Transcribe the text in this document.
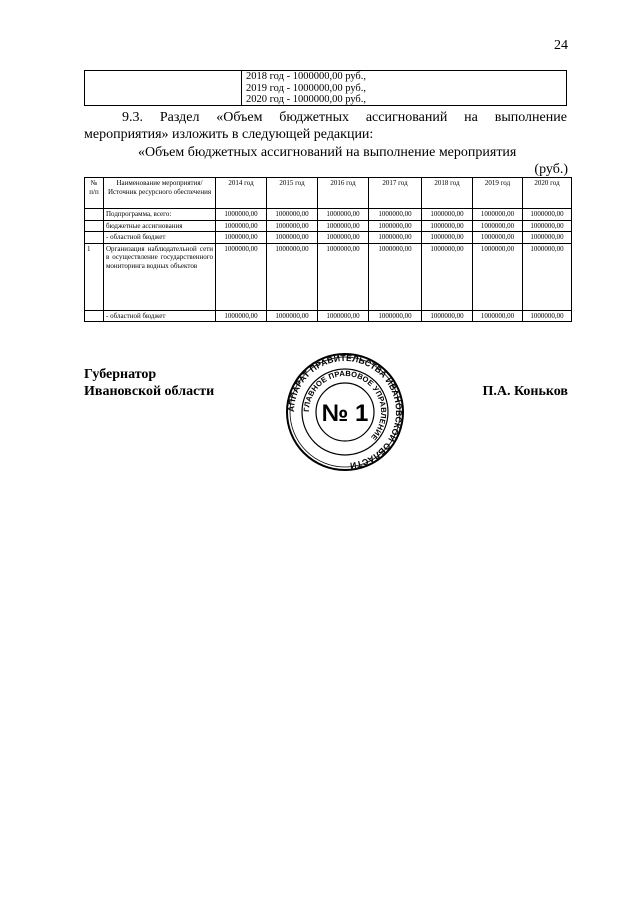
24
2018 год - 1000000,00 руб.,
2019 год - 1000000,00 руб.,
2020 год - 1000000,00 руб.,
9.3. Раздел «Объем бюджетных ассигнований на выполнение
мероприятия» изложить в следующей редакции:
«Объем бюджетных ассигнований на выполнение мероприятия
(руб.)
№ п/п	Наименование мероприятия/Источник ресурсного обеспечения	2014 год	2015 год	2016 год	2017 год	2018 год	2019 год	2020 год
	Подпрограмма, всего:	1000000,00	1000000,00	1000000,00	1000000,00	1000000,00	1000000,00	1000000,00
	бюджетные ассигнования	1000000,00	1000000,00	1000000,00	1000000,00	1000000,00	1000000,00	1000000,00
	- областной бюджет	1000000,00	1000000,00	1000000,00	1000000,00	1000000,00	1000000,00	1000000,00
1	Организация наблюдательной сети в осуществление государственного мониторинга водных объектов	1000000,00	1000000,00	1000000,00	1000000,00	1000000,00	1000000,00	1000000,00
	- областной бюджет	1000000,00	1000000,00	1000000,00	1000000,00	1000000,00	1000000,00	1000000,00
Губернатор
Ивановской области	П.А. Коньков
АППАРАТ ПРАВИТЕЛЬСТВА ИВАНОВСКОЙ ОБЛАСТИ
ГЛАВНОЕ ПРАВОВОЕ УПРАВЛЕНИЕ
№ 1
